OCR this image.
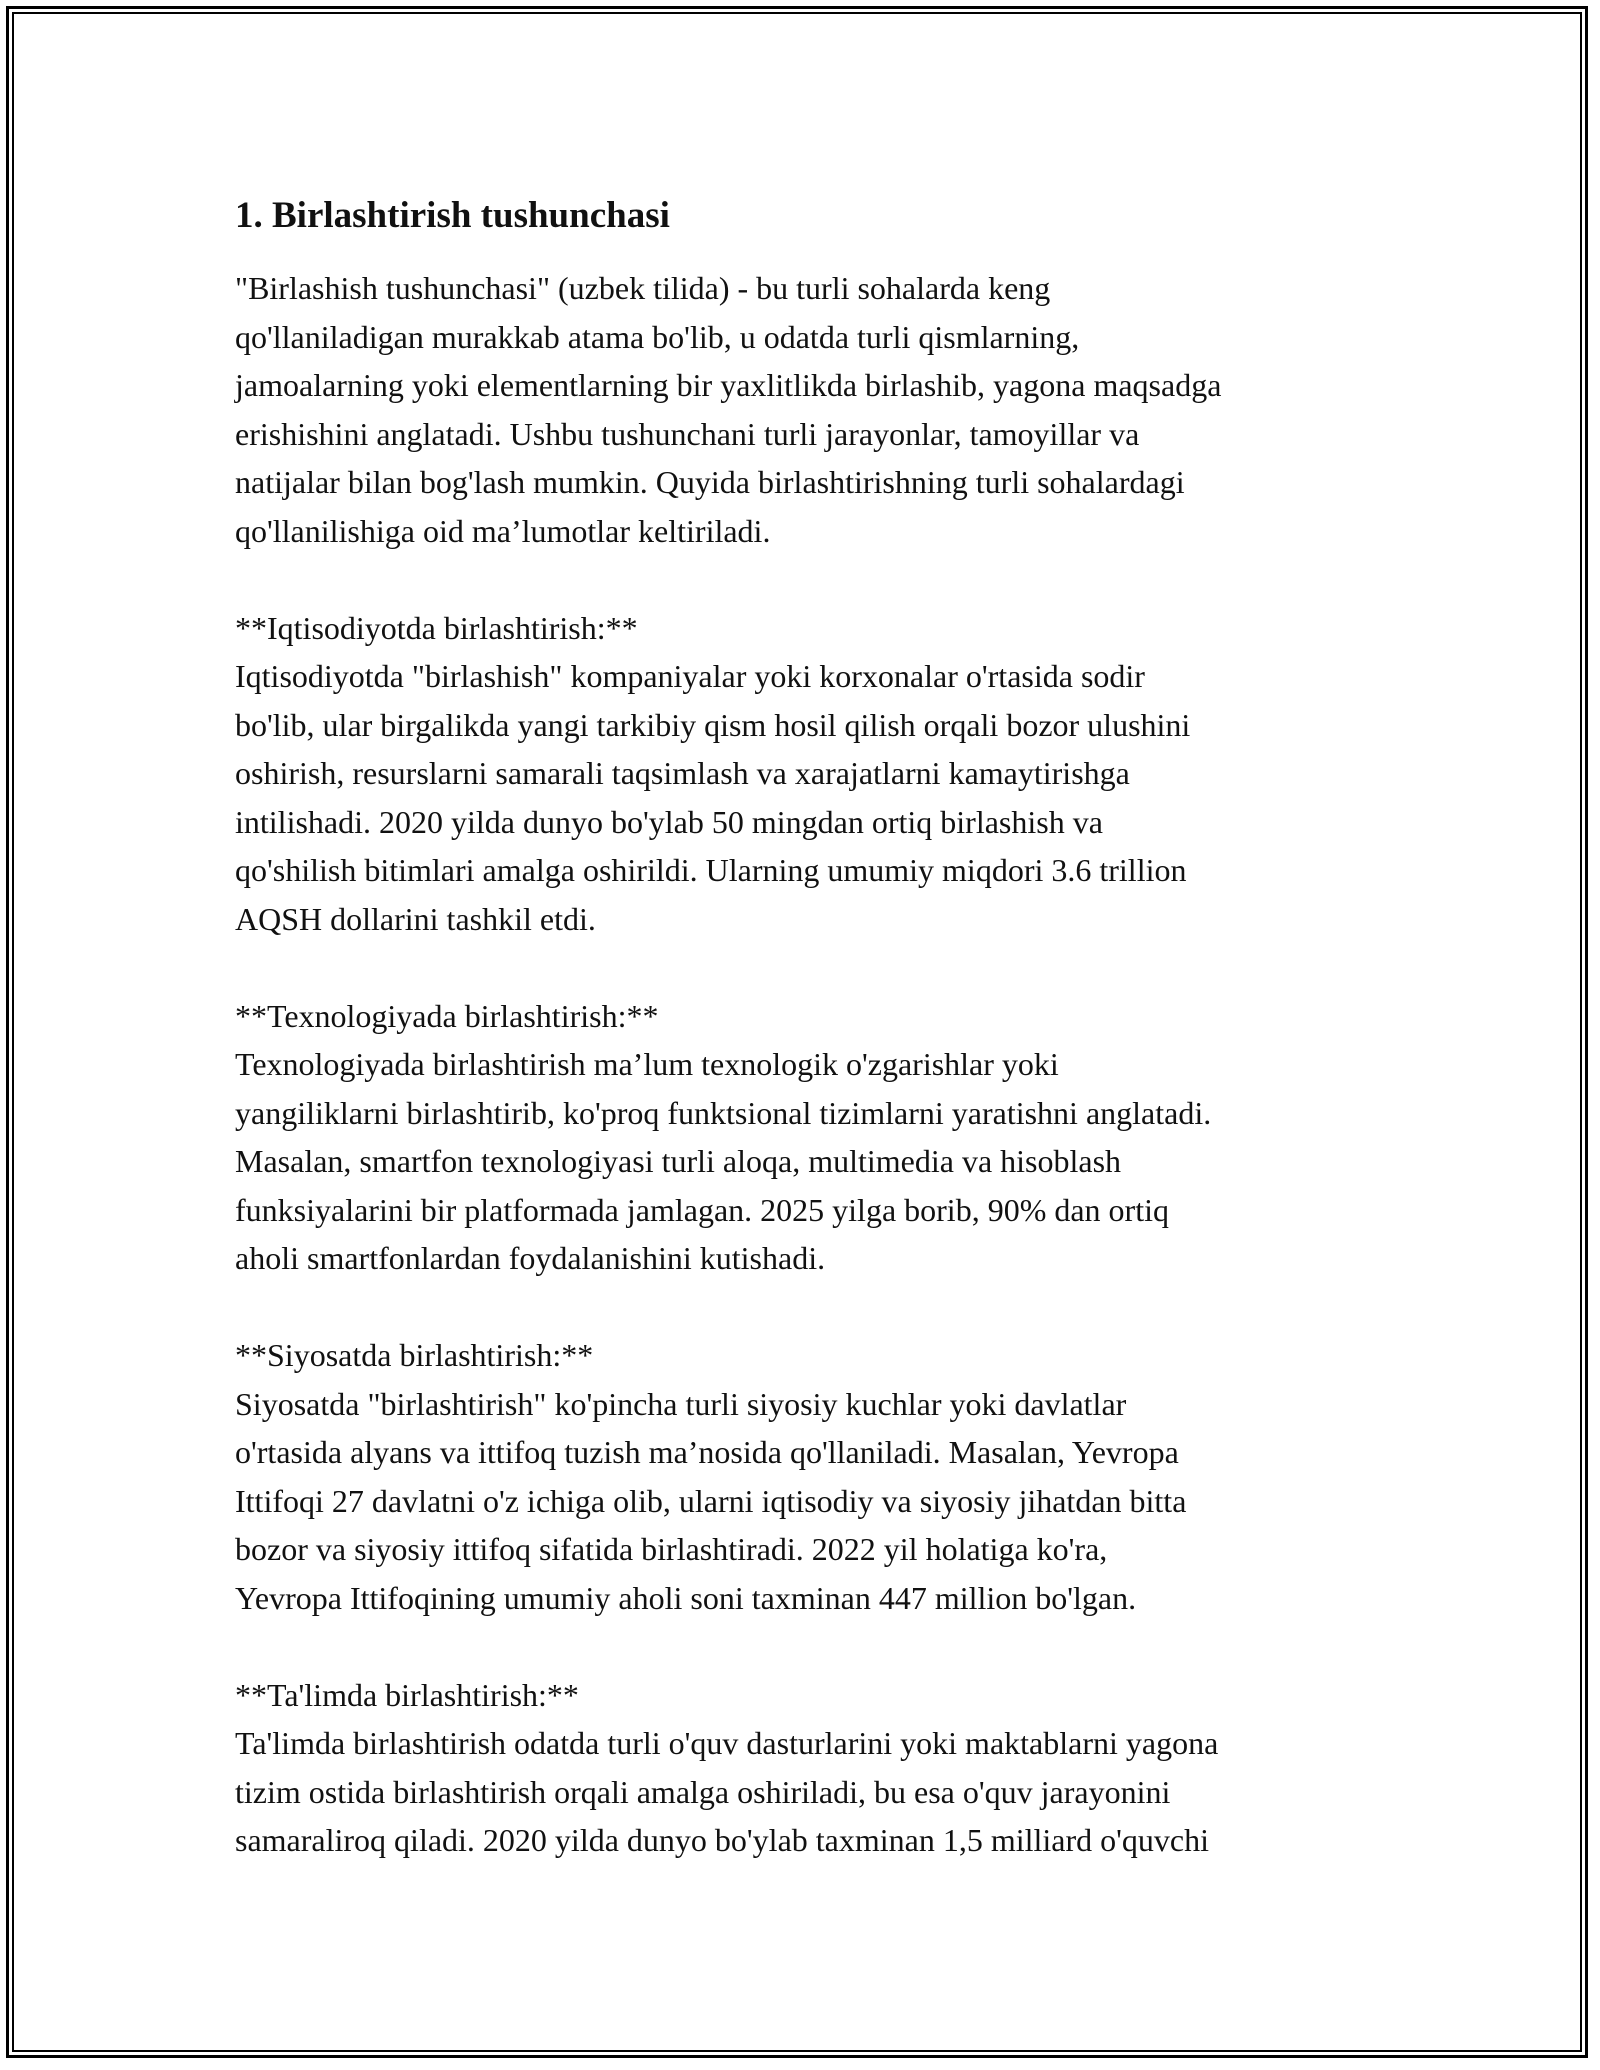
1. Birlashtirish tushunchasi

"Birlashish tushunchasi" (uzbek tilida) - bu turli sohalarda keng
qo'llaniladigan murakkab atama bo'lib, u odatda turli qismlarning,
jamoalarning yoki elementlarning bir yaxlitlikda birlashib, yagona maqsadga
erishishini anglatadi. Ushbu tushunchani turli jarayonlar, tamoyillar va
natijalar bilan bog'lash mumkin. Quyida birlashtirishning turli sohalardagi
qo'llanilishiga oid ma’lumotlar keltiriladi.

**Iqtisodiyotda birlashtirish:**
Iqtisodiyotda "birlashish" kompaniyalar yoki korxonalar o'rtasida sodir
bo'lib, ular birgalikda yangi tarkibiy qism hosil qilish orqali bozor ulushini
oshirish, resurslarni samarali taqsimlash va xarajatlarni kamaytirishga
intilishadi. 2020 yilda dunyo bo'ylab 50 mingdan ortiq birlashish va
qo'shilish bitimlari amalga oshirildi. Ularning umumiy miqdori 3.6 trillion
AQSH dollarini tashkil etdi.

**Texnologiyada birlashtirish:**
Texnologiyada birlashtirish ma’lum texnologik o'zgarishlar yoki
yangiliklarni birlashtirib, ko'proq funktsional tizimlarni yaratishni anglatadi.
Masalan, smartfon texnologiyasi turli aloqa, multimedia va hisoblash
funksiyalarini bir platformada jamlagan. 2025 yilga borib, 90% dan ortiq
aholi smartfonlardan foydalanishini kutishadi.

**Siyosatda birlashtirish:**
Siyosatda "birlashtirish" ko'pincha turli siyosiy kuchlar yoki davlatlar
o'rtasida alyans va ittifoq tuzish ma’nosida qo'llaniladi. Masalan, Yevropa
Ittifoqi 27 davlatni o'z ichiga olib, ularni iqtisodiy va siyosiy jihatdan bitta
bozor va siyosiy ittifoq sifatida birlashtiradi. 2022 yil holatiga ko'ra,
Yevropa Ittifoqining umumiy aholi soni taxminan 447 million bo'lgan.

**Ta'limda birlashtirish:**
Ta'limda birlashtirish odatda turli o'quv dasturlarini yoki maktablarni yagona
tizim ostida birlashtirish orqali amalga oshiriladi, bu esa o'quv jarayonini
samaraliroq qiladi. 2020 yilda dunyo bo'ylab taxminan 1,5 milliard o'quvchi
